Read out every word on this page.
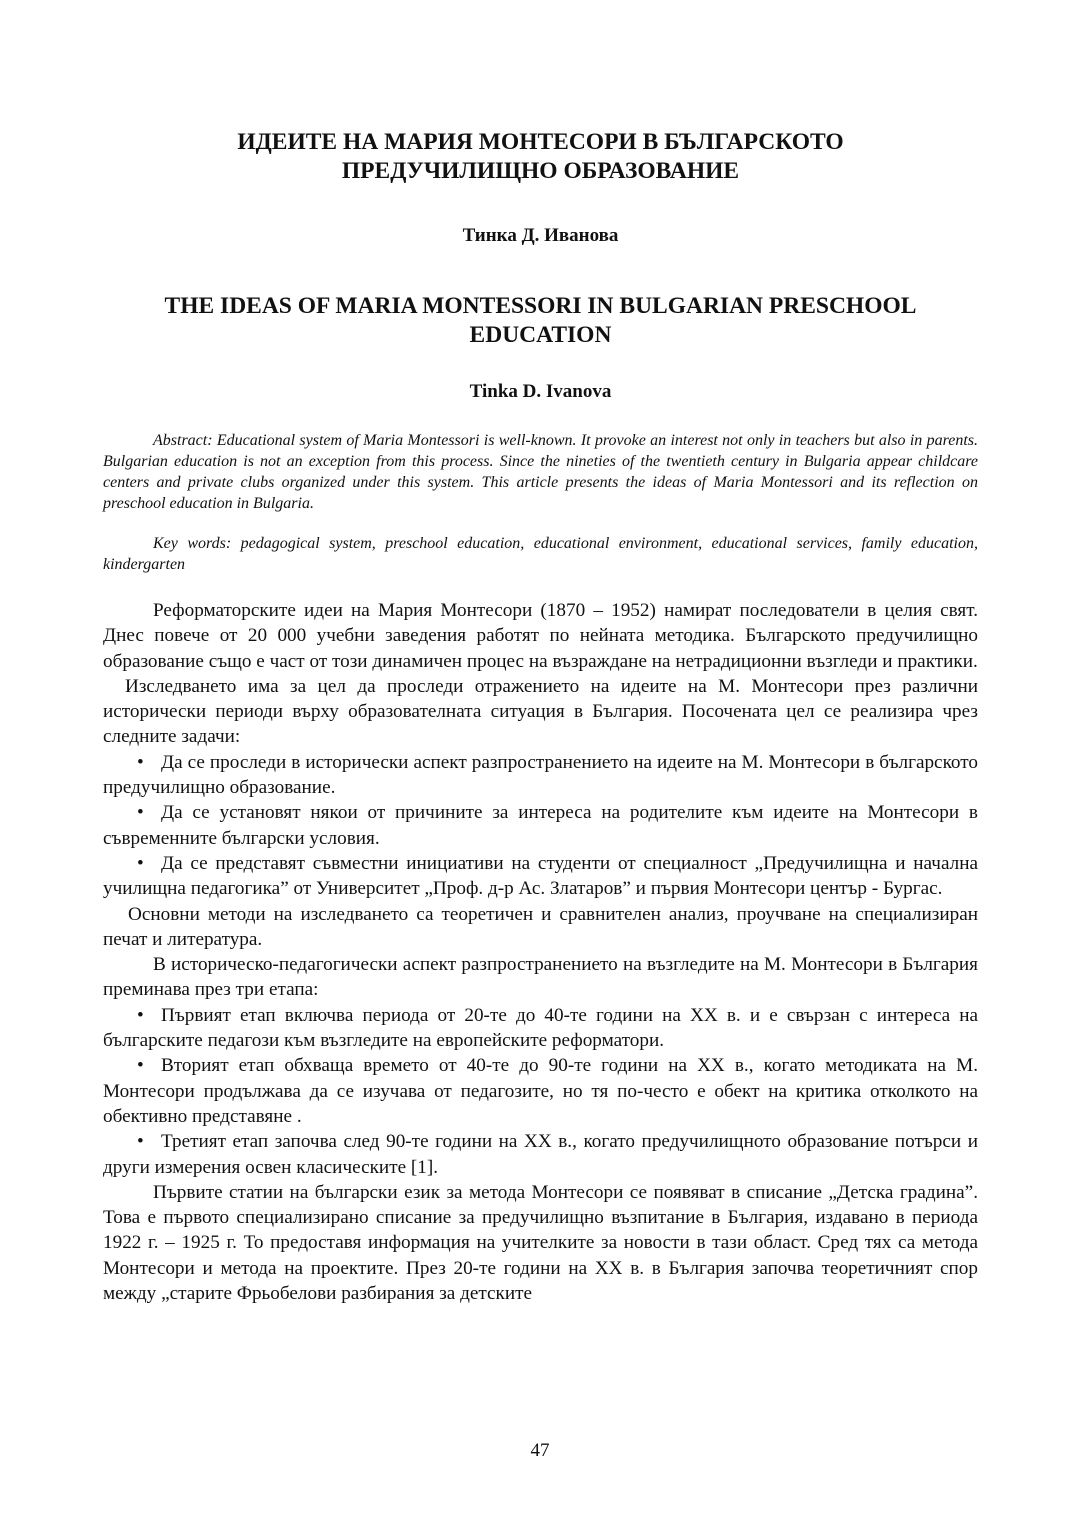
ИДЕИТЕ НА МАРИЯ МОНТЕСОРИ В БЪЛГАРСКОТО
ПРЕДУЧИЛИЩНО ОБРАЗОВАНИЕ
Тинка Д. Иванова
THE IDEAS OF MARIA MONTESSORI IN BULGARIAN PRESCHOOL
EDUCATION
Tinka D. Ivanova
Abstract: Educational system of Maria Montessori is well-known. It provoke an interest not only in teachers but also in parents. Bulgarian education is not an exception from this process. Since the nineties of the twentieth century in Bulgaria appear childcare centers and private clubs organized under this system. This article presents the ideas of Maria Montessori and its reflection on preschool education in Bulgaria.
Key words: pedagogical system, preschool education, educational environment, educational services, family education, kindergarten

Реформаторските идеи на Мария Монтесори (1870 – 1952) намират последователи в целия свят. Днес повече от 20 000 учебни заведения работят по нейната методика. Българското предучилищно образование също е част от този динамичен процес на възраждане на нетрадиционни възгледи и практики.

Изследването има за цел да проследи отражението на идеите на М. Монтесори през различни исторически периоди върху образователната ситуация в България. Посочената цел се реализира чрез следните задачи:

• Да се проследи в исторически аспект разпространението на идеите на М. Монтесори в българското предучилищно образование.

• Да се установят някои от причините за интереса на родителите към идеите на Монтесори в съвременните български условия.

• Да се представят съвместни инициативи на студенти от специалност „Предучилищна и начална училищна педагогика” от Университет „Проф. д-р Ас. Златаров” и първия Монтесори център - Бургас.

Основни методи на изследването са теоретичен и сравнителен анализ, проучване на специализиран печат и литература.

В историческо-педагогически аспект разпространението на възгледите на М. Монтесори в България преминава през три етапа:

• Първият етап включва периода от 20-те до 40-те години на XX в. и е свързан с интереса на българските педагози към възгледите на европейските реформатори.

• Вторият етап обхваща времето от 40-те до 90-те години на XX в., когато методиката на М. Монтесори продължава да се изучава от педагозите, но тя по-често е обект на критика отколкото на обективно представяне .

• Третият етап започва след 90-те години на XX в., когато предучилищното образование потърси и други измерения освен класическите [1].

Първите статии на български език за метода Монтесори се появяват в списание „Детска градина”. Това е първото специализирано списание за предучилищно възпитание в България, издавано в периода 1922 г. – 1925 г. То предоставя информация на учителките за новости в тази област. Сред тях са метода Монтесори и метода на проектите. През 20-те години на XX в. в България започва теоретичният спор между „старите Фрьобелови разбирания за детските

47
